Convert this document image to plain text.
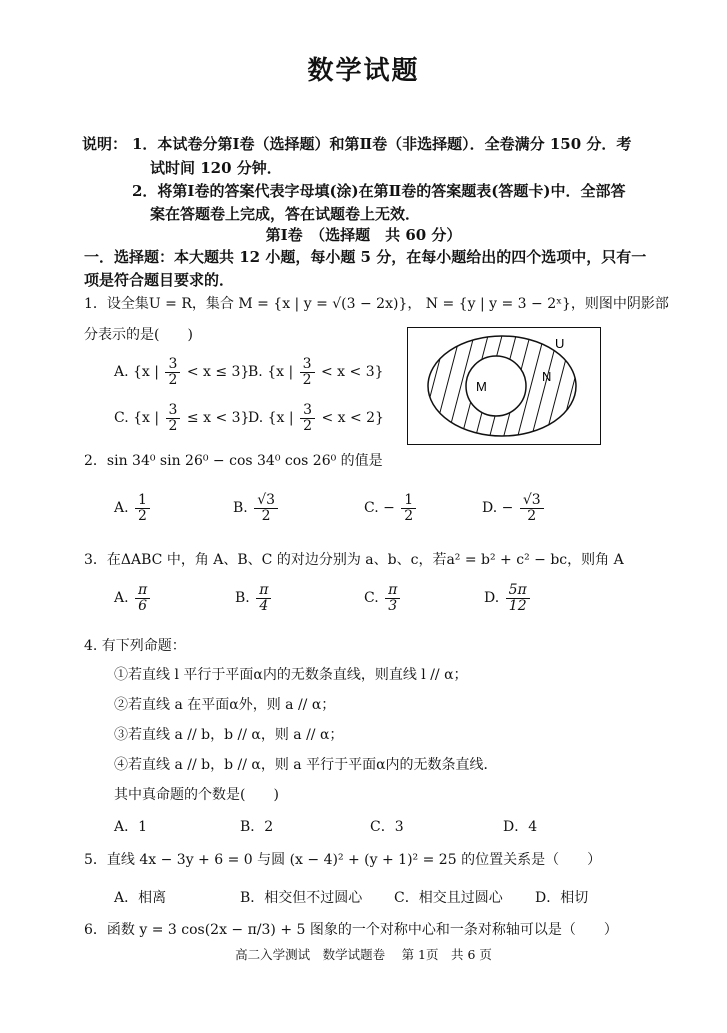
数学试题
说明： 1．本试卷分第Ⅰ卷（选择题）和第Ⅱ卷（非选择题）．全卷满分 150 分．考
试时间 120 分钟．
2．将第Ⅰ卷的答案代表字母填(涂)在第Ⅱ卷的答案题表(答题卡)中．全部答
案在答题卷上完成，答在试题卷上无效．
第Ⅰ卷　（选择题　共 60 分）
一．选择题：本大题共 12 小题，每小题 5 分，在每小题给出的四个选项中，只有一
项是符合题目要求的．
1．设全集U = R，集合 M = {x | y = √(3 − 2x)}， N = {y | y = 3 − 2ˣ}，则图中阴影部
分表示的是(　　)
A. {x | $\frac{3}{2} < x \le 3$}
B. {x | $\frac{3}{2} < x < 3$}
C. {x | $\frac{3}{2} \le x < 3$}
D. {x | $\frac{3}{2} < x < 2$}
U
N
M
2．sin 34⁰ sin 26⁰ − cos 34⁰ cos 26⁰ 的值是
A. $\frac{1}{2}$	B. $\frac{√3}{2}$	C. − $\frac{1}{2}$	D. − $\frac{√3}{2}$
3．在ΔABC 中，角 A、B、C 的对边分别为 a、b、c，若a² = b² + c² − bc，则角 A
A. $\frac{\pi}{6}$	B. $\frac{\pi}{4}$	C. $\frac{\pi}{3}$	D. $\frac{5\pi}{12}$
4. 有下列命题：
①若直线 l 平行于平面α内的无数条直线，则直线 l // α；
②若直线 a 在平面α外，则 a // α；
③若直线 a // b，b // α，则 a // α；
④若直线 a // b，b // α，则 a 平行于平面α内的无数条直线．
其中真命题的个数是(　　)
A．1	B．2	C．3	D．4
5．直线 4x − 3y + 6 = 0 与圆 (x − 4)² + (y + 1)² = 25 的位置关系是（　　）
A．相离	B．相交但不过圆心 C．相交且过圆心 D．相切
6．函数 y = 3 cos(2x − π/3) + 5 图象的一个对称中心和一条对称轴可以是（　　）
高二入学测试　数学试题卷　 第 1页　共 6 页
